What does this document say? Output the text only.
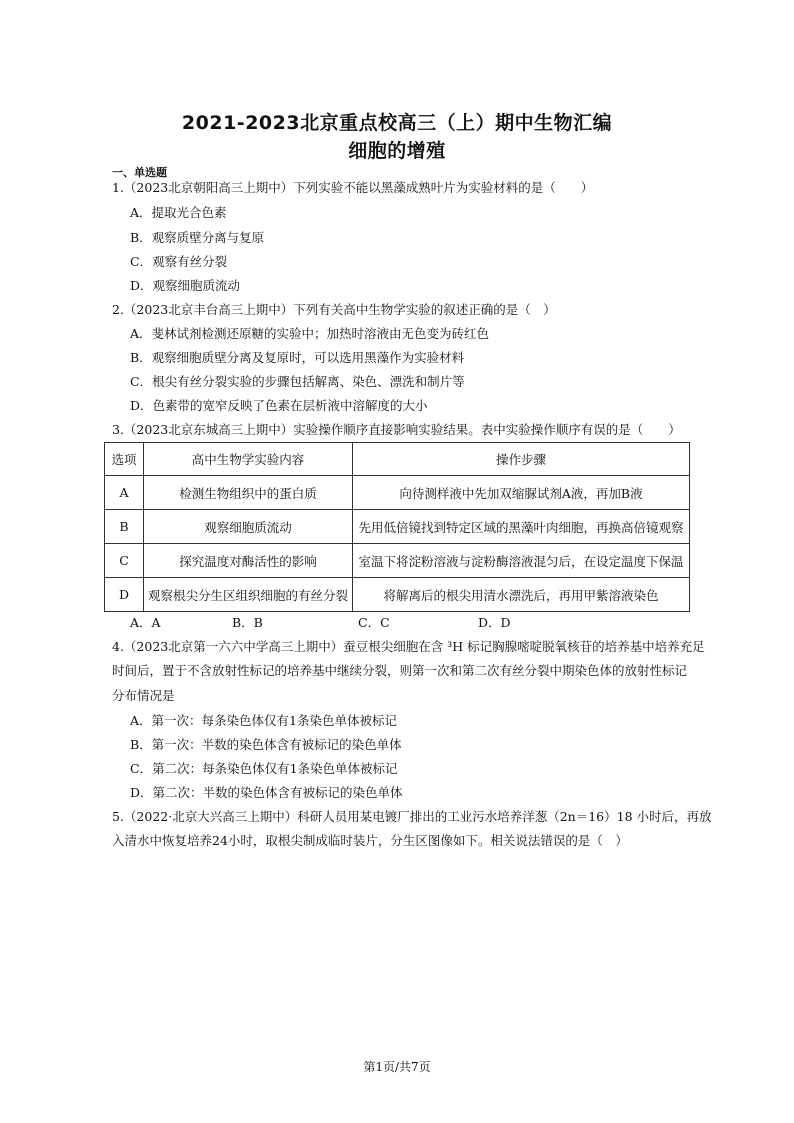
2021-2023北京重点校高三（上）期中生物汇编
细胞的增殖
一、单选题
1.（2023北京朝阳高三上期中）下列实验不能以黑藻成熟叶片为实验材料的是（　　）
A．提取光合色素
B．观察质壁分离与复原
C．观察有丝分裂
D．观察细胞质流动
2.（2023北京丰台高三上期中）下列有关高中生物学实验的叙述正确的是（　）
A．斐林试剂检测还原糖的实验中；加热时溶液由无色变为砖红色
B．观察细胞质壁分离及复原时，可以选用黑藻作为实验材料
C．根尖有丝分裂实验的步骤包括解离、染色、漂洗和制片等
D．色素带的宽窄反映了色素在层析液中溶解度的大小
3.（2023北京东城高三上期中）实验操作顺序直接影响实验结果。表中实验操作顺序有误的是（　　）
选项	高中生物学实验内容	操作步骤
A	检测生物组织中的蛋白质	向待测样液中先加双缩脲试剂A液，再加B液
B	观察细胞质流动	先用低倍镜找到特定区域的黑藻叶肉细胞，再换高倍镜观察
C	探究温度对酶活性的影响	室温下将淀粉溶液与淀粉酶溶液混匀后，在设定温度下保温
D	观察根尖分生区组织细胞的有丝分裂	将解离后的根尖用清水漂洗后，再用甲紫溶液染色
A．A	B．B	C．C	D．D
4.（2023北京第一六六中学高三上期中）蚕豆根尖细胞在含 ³H 标记胸腺嘧啶脱氧核苷的培养基中培养充足
时间后，置于不含放射性标记的培养基中继续分裂，则第一次和第二次有丝分裂中期染色体的放射性标记
分布情况是
A．第一次：每条染色体仅有1条染色单体被标记
B．第一次：半数的染色体含有被标记的染色单体
C．第二次：每条染色体仅有1条染色单体被标记
D．第二次：半数的染色体含有被标记的染色单体
5.（2022·北京大兴高三上期中）科研人员用某电镀厂排出的工业污水培养洋葱（2n＝16）18 小时后，再放
入清水中恢复培养24小时，取根尖制成临时装片，分生区图像如下。相关说法错误的是（　）
第1页/共7页
